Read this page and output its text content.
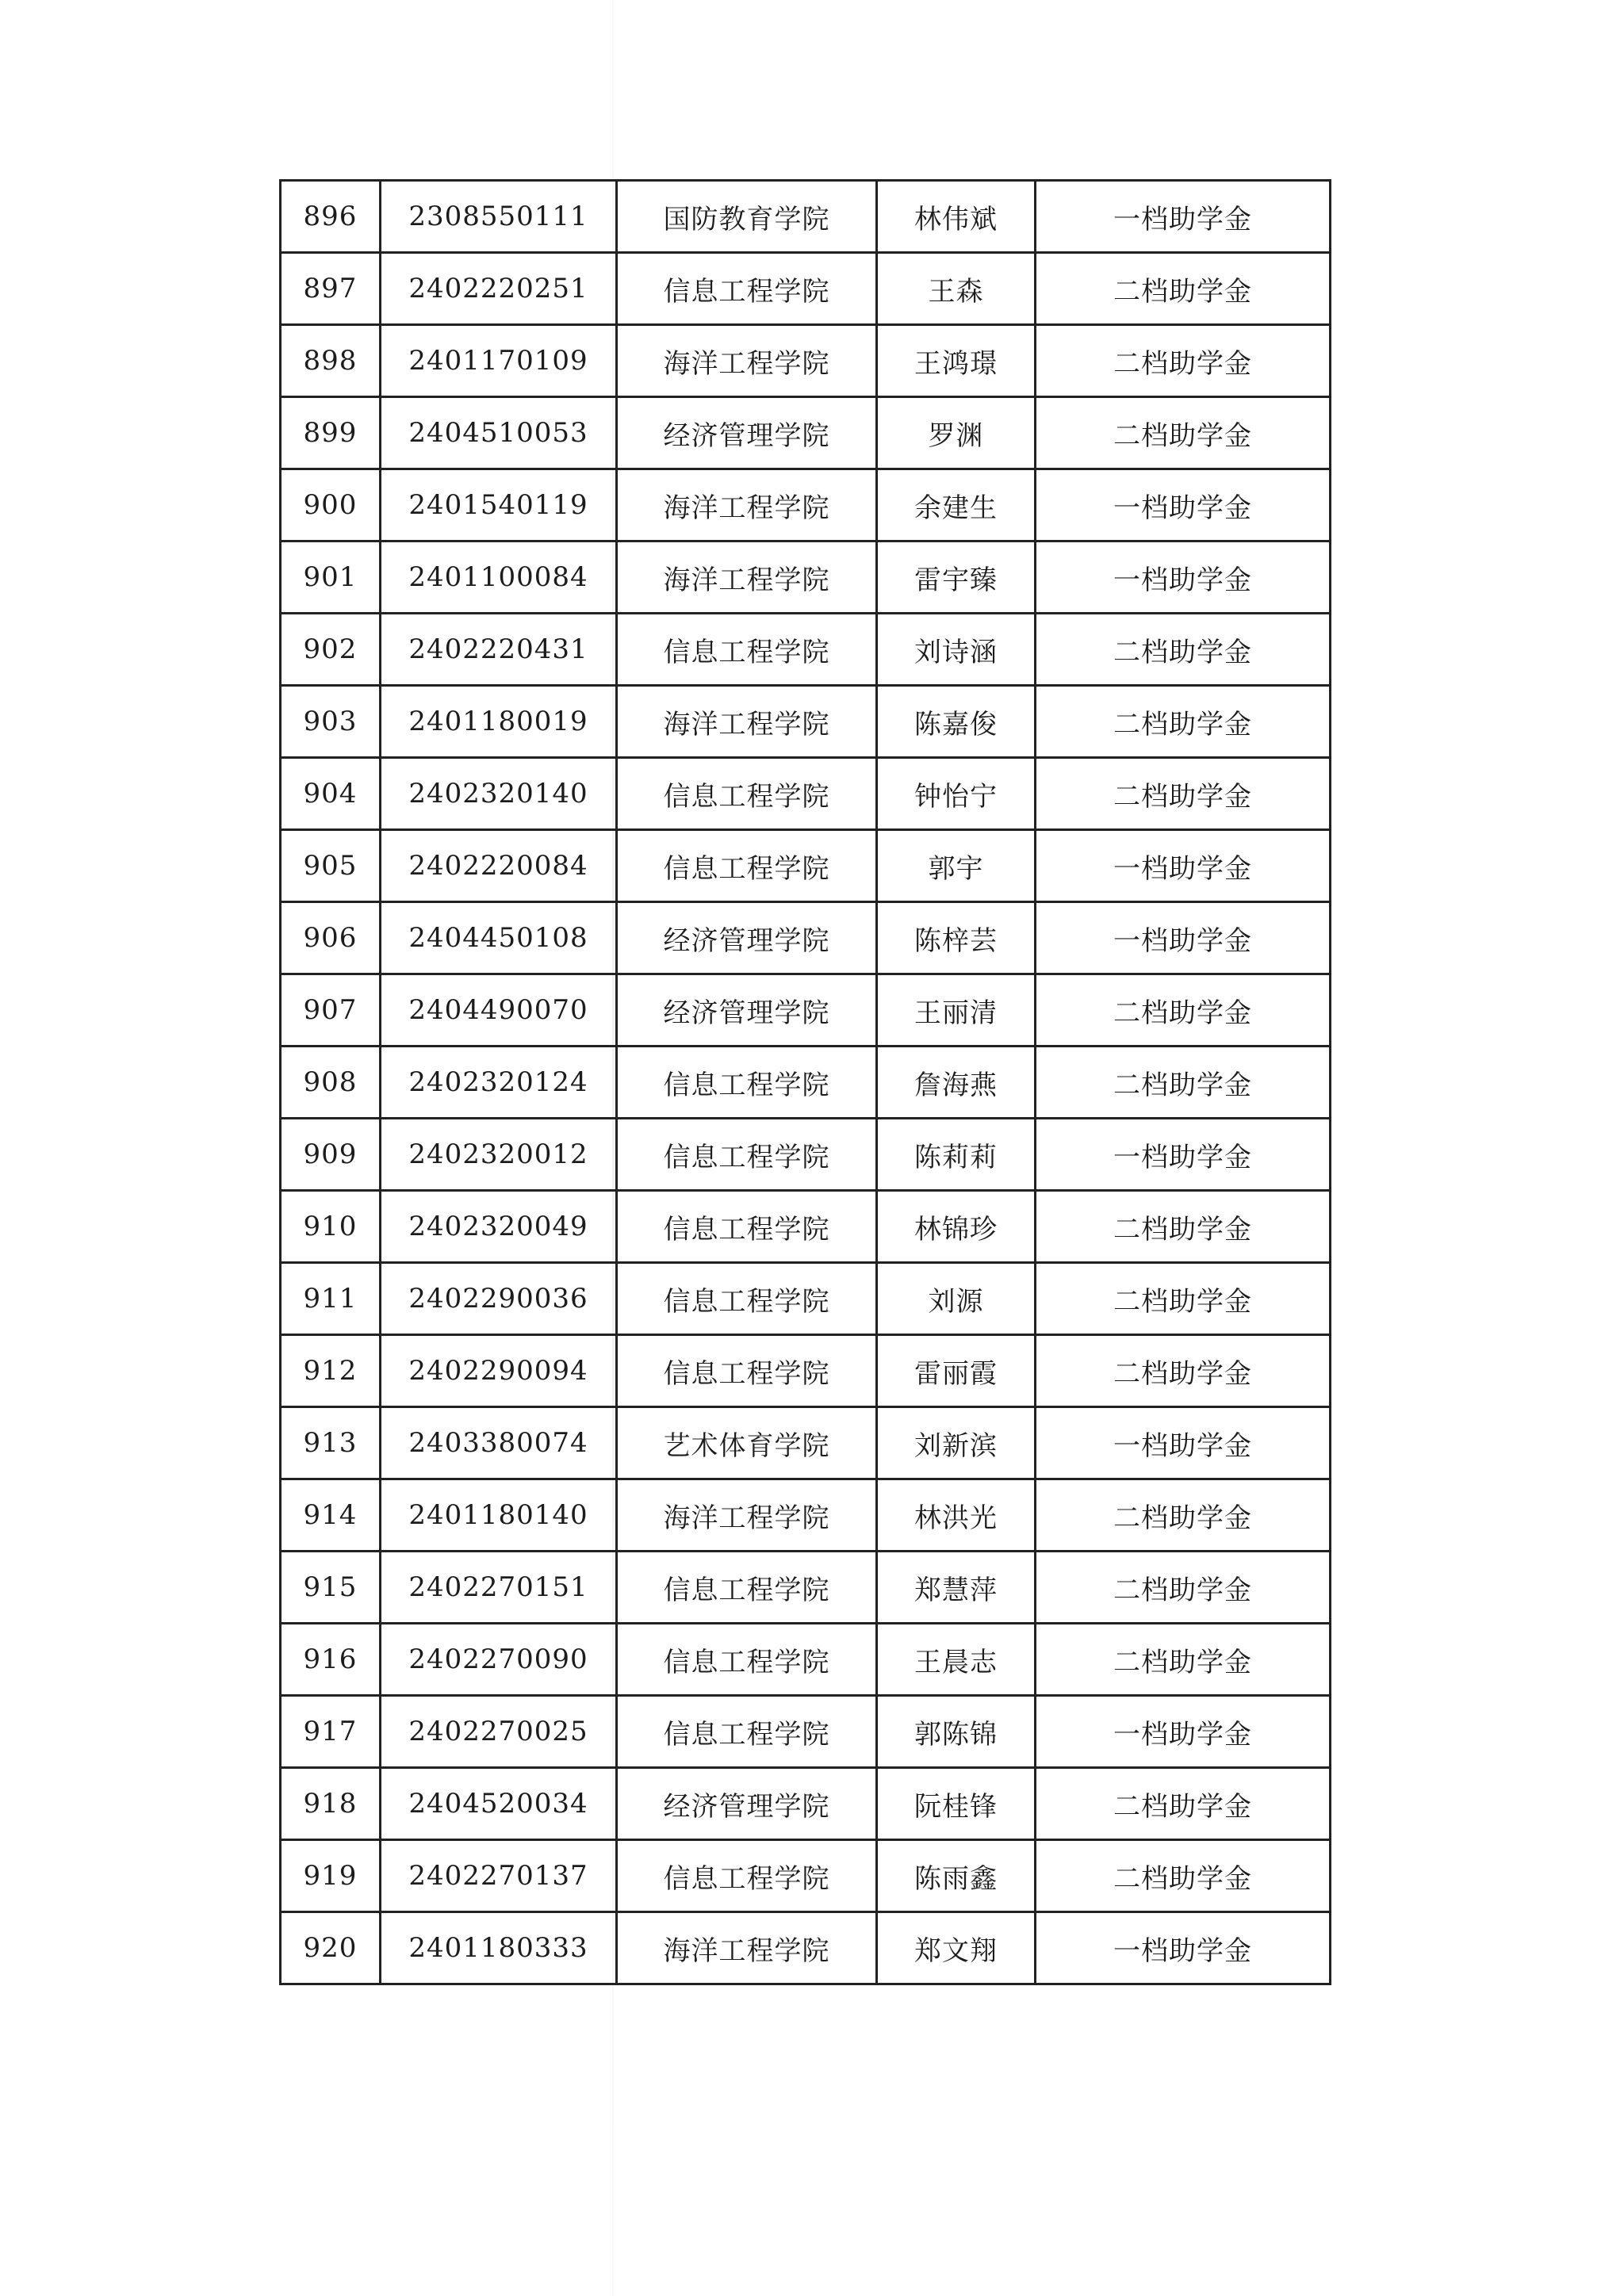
896	2308550111	国防教育学院	林伟斌	一档助学金
897	2402220251	信息工程学院	王森	二档助学金
898	2401170109	海洋工程学院	王鸿璟	二档助学金
899	2404510053	经济管理学院	罗渊	二档助学金
900	2401540119	海洋工程学院	余建生	一档助学金
901	2401100084	海洋工程学院	雷宇臻	一档助学金
902	2402220431	信息工程学院	刘诗涵	二档助学金
903	2401180019	海洋工程学院	陈嘉俊	二档助学金
904	2402320140	信息工程学院	钟怡宁	二档助学金
905	2402220084	信息工程学院	郭宇	一档助学金
906	2404450108	经济管理学院	陈梓芸	一档助学金
907	2404490070	经济管理学院	王丽清	二档助学金
908	2402320124	信息工程学院	詹海燕	二档助学金
909	2402320012	信息工程学院	陈莉莉	一档助学金
910	2402320049	信息工程学院	林锦珍	二档助学金
911	2402290036	信息工程学院	刘源	二档助学金
912	2402290094	信息工程学院	雷丽霞	二档助学金
913	2403380074	艺术体育学院	刘新滨	一档助学金
914	2401180140	海洋工程学院	林洪光	二档助学金
915	2402270151	信息工程学院	郑慧萍	二档助学金
916	2402270090	信息工程学院	王晨志	二档助学金
917	2402270025	信息工程学院	郭陈锦	一档助学金
918	2404520034	经济管理学院	阮桂锋	二档助学金
919	2402270137	信息工程学院	陈雨鑫	二档助学金
920	2401180333	海洋工程学院	郑文翔	一档助学金
